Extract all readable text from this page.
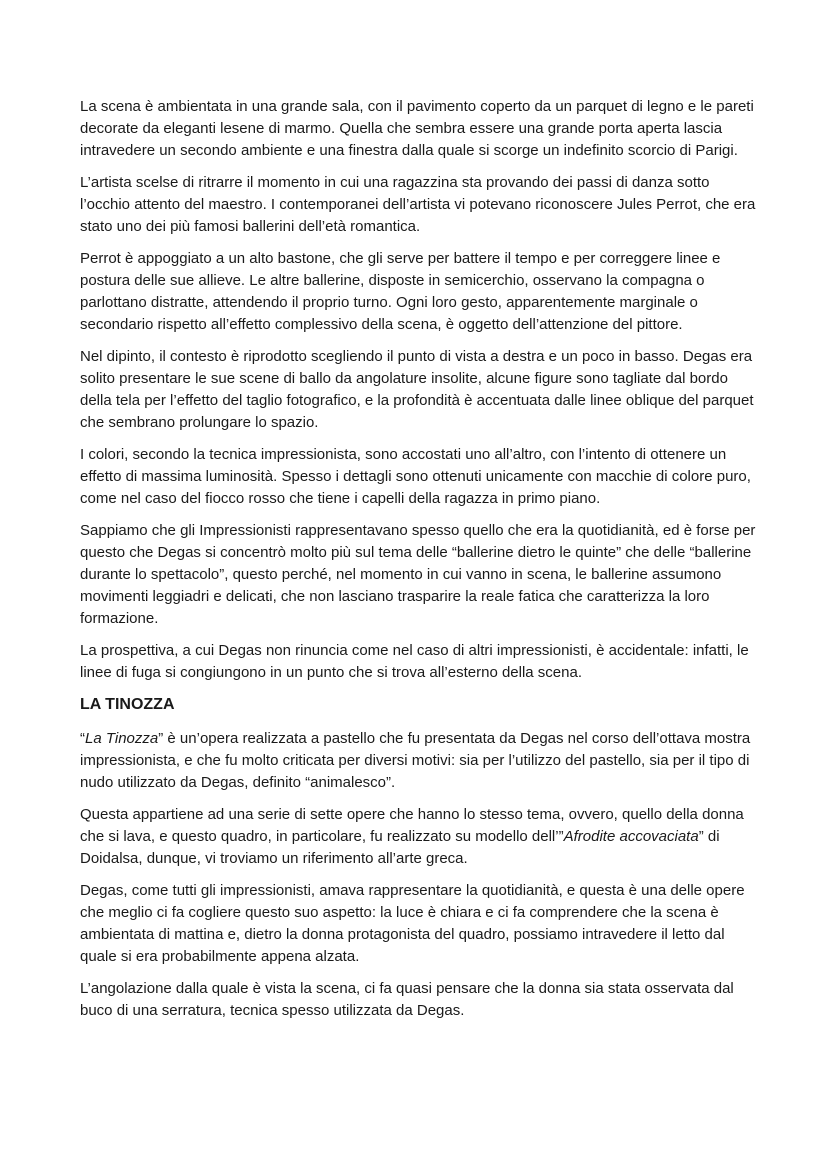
La scena è ambientata in una grande sala, con il pavimento coperto da un parquet di legno e le pareti decorate da eleganti lesene di marmo. Quella che sembra essere una grande porta aperta lascia intravedere un secondo ambiente e una finestra dalla quale si scorge un indefinito scorcio di Parigi.

L’artista scelse di ritrarre il momento in cui una ragazzina sta provando dei passi di danza sotto l’occhio attento del maestro. I contemporanei dell’artista vi potevano riconoscere Jules Perrot, che era stato uno dei più famosi ballerini dell’età romantica.

Perrot è appoggiato a un alto bastone, che gli serve per battere il tempo e per correggere linee e postura delle sue allieve. Le altre ballerine, disposte in semicerchio, osservano la compagna o parlottano distratte, attendendo il proprio turno. Ogni loro gesto, apparentemente marginale o secondario rispetto all’effetto complessivo della scena, è oggetto dell’attenzione del pittore.

Nel dipinto, il contesto è riprodotto scegliendo il punto di vista a destra e un poco in basso. Degas era solito presentare le sue scene di ballo da angolature insolite, alcune figure sono tagliate dal bordo della tela per l’effetto del taglio fotografico, e la profondità è accentuata dalle linee oblique del parquet che sembrano prolungare lo spazio.

I colori, secondo la tecnica impressionista, sono accostati uno all’altro, con l’intento di ottenere un effetto di massima luminosità. Spesso i dettagli sono ottenuti unicamente con macchie di colore puro, come nel caso del fiocco rosso che tiene i capelli della ragazza in primo piano.

Sappiamo che gli Impressionisti rappresentavano spesso quello che era la quotidianità, ed è forse per questo che Degas si concentrò molto più sul tema delle “ballerine dietro le quinte” che delle “ballerine durante lo spettacolo”, questo perché, nel momento in cui vanno in scena, le ballerine assumono movimenti leggiadri e delicati, che non lasciano trasparire la reale fatica che caratterizza la loro formazione.

La prospettiva, a cui Degas non rinuncia come nel caso di altri impressionisti, è accidentale: infatti, le linee di fuga si congiungono in un punto che si trova all’esterno della scena.

LA TINOZZA

“La Tinozza” è un’opera realizzata a pastello che fu presentata da Degas nel corso dell’ottava mostra impressionista, e che fu molto criticata per diversi motivi: sia per l’utilizzo del pastello, sia per il tipo di nudo utilizzato da Degas, definito “animalesco”.

Questa appartiene ad una serie di sette opere che hanno lo stesso tema, ovvero, quello della donna che si lava, e questo quadro, in particolare, fu realizzato su modello dell’”Afrodite accovaciata” di Doidalsa, dunque, vi troviamo un riferimento all’arte greca.

Degas, come tutti gli impressionisti, amava rappresentare la quotidianità, e questa è una delle opere che meglio ci fa cogliere questo suo aspetto: la luce è chiara e ci fa comprendere che la scena è ambientata di mattina e, dietro la donna protagonista del quadro, possiamo intravedere il letto dal quale si era probabilmente appena alzata.

L’angolazione dalla quale è vista la scena, ci fa quasi pensare che la donna sia stata osservata dal buco di una serratura, tecnica spesso utilizzata da Degas.
